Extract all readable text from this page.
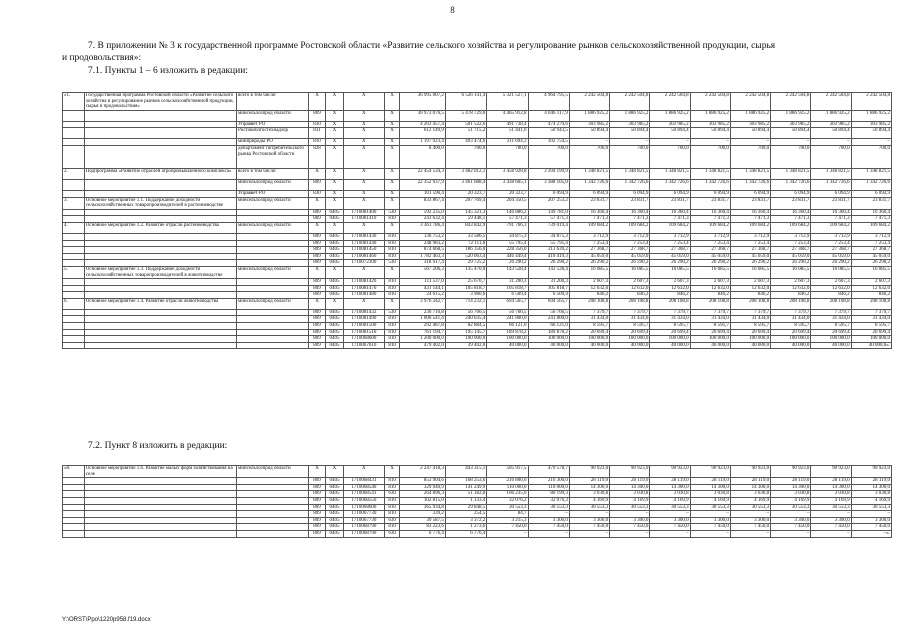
8
7. В приложении № 3 к государственной программе Ростовской области «Развитие сельского хозяйства и регулирование рынков сельскохозяйственной продукции, сырья
и продовольствия»:
7.1. Пункты 1 – 6 изложить в редакции:
«1.	Государственная программа Ростовской области «Развитие сельского хозяйства и регулирование рынков сельскохозяйственной продукции, сырья и продовольствия»	всего в том числе:	X	X	X	X	36 995 007,2	6 526 141,4	5 321 527,1	4 964 795,5	2 242 504,8	2 242 504,8	2 242 504,8	2 242 504,8	2 242 504,8	2 242 504,8	2 242 504,8	2 242 504,8
		минсельхозпрод области	809	X	X	X	30 973 076,5	5 478 729,0	4 465 912,8	4 046 117,9	1 886 925,2	1 886 925,2	1 886 925,2	1 886 925,2	1 886 925,2	1 886 925,2	1 886 925,2	1 886 925,2
		Управвет РО	830	X	X	X	4 203 457,4	501 522,6	491 738,4	474 279,6	303 985,2	303 985,2	303 985,2	303 985,2	303 985,2	303 985,2	303 985,2	303 985,2
		Ростовоблгостехнадзор	831	X	X	X	612 149,9	51 715,2	51 441,6	50 943,5	50 894,4	50 894,4	50 894,4	50 894,4	50 894,4	50 894,4	50 894,4	50 894,4
		минприроды РО	810	X	X	X	1 197 923,4	493 474,6	311 694,3	392 754,5	–	–	–	–	–	–	–	–
		департамент потребительского рынка Ростовской области	828	X	X	X	8 400,0	700,0	700,0	700,0	700,0	700,0	700,0	700,0	700,0	700,0	700,0	700,0
2.	Подпрограмма «Развитие отраслей агропромышленного комплекса»	всего в том числе:	X	X	X	X	22 454 534,3	3 482 012,1	3 458 928,8	3 394 199,9	1 348 821,5	1 348 821,5	1 348 821,5	1 348 821,5	1 348 821,5	1 348 821,5	1 348 821,5	1 348 821,5
		минсельхозпрод области	809	X	X	X	22 352 937,9	3 461 688,4	3 438 605,1	3 388 105,0	1 342 726,6	1 342 726,6	1 342 726,6	1 342 726,6	1 342 726,6	1 342 726,6	1 342 726,6	1 342 726,6
		Управвет РО	830	X	X	X	101 596,4	20 323,7	20 323,7	6 094,9	6 094,9	6 094,9	6 094,9	6 094,9	6 094,9	6 094,9	6 094,9	6 094,9
3.	Основное мероприятие 1.1. Поддержание доходности сельскохозяйственных товаропроизводителей в растениеводстве	минсельхозпрод области	X	X	X	X	833 867,4	207 769,4	204 350,5	207 253,2	23 831,7	23 831,7	23 831,7	23 831,7	23 831,7	23 831,7	23 831,7	23 831,7
			809	0405	1710081400	530	592 235,0	145 321,3	146 886,2	149 781,0	16 360,4	16 360,4	16 360,4	16 360,4	16 360,4	16 360,4	16 360,4	16 360,4
			809	0405	1710081410	810	241 632,4	59 448,1	57 471,3	57 471,3	7 471,3	7 471,3	7 471,3	7 471,3	7 471,3	7 471,3	7 471,3	7 471,3
4.	Основное мероприятие 1.2. Развитие отрасли растениеводства	минсельхозпрод области	X	X	X	X	3 361 786,4	843 842,9	791 766,3	739 019,4	109 684,2	109 684,2	109 684,2	109 684,2	109 684,2	109 684,2	109 684,2	109 684,2
			809	0405	1710081430	810	136 753,2	33 586,5	34 875,3	34 875,3	3 712,9	3 712,9	3 712,9	3 712,9	3 712,9	3 712,9	3 712,9	3 712,9
			809	0405	1710081440	810	248 983,2	72 111,8	55 795,4	55 795,4	7 253,4	7 253,4	7 253,4	7 253,4	7 253,4	7 253,4	7 253,4	7 253,4
			809	0405	1710081450	810	874 668,5	186 356,0	228 356,0	211 639,2	27 368,7	27 368,7	27 368,7	27 368,7	27 368,7	27 368,7	27 368,7	27 368,7
			809	0405	1710081460	810	1 782 463,3	520 063,4	446 449,4	410 419,3	45 059,0	45 059,0	45 059,0	45 059,0	45 059,0	45 059,0	45 059,0	45 059,0
			809	0405	1710072300	530	318 917,4	29 725,2	26 290,2	26 290,2	26 290,2	26 290,2	26 290,2	26 290,2	26 290,2	26 290,2	26 290,2	26 290,2
5.	Основное мероприятие 1.3. Поддержание доходности сельскохозяйственных товаропроизводителей в животноводстве	минсельхозпрод области	X	X	X	X	567 206,3	135 470,0	143 528,4	143 528,4	16 085,5	16 085,5	16 085,5	16 085,5	16 085,5	16 085,5	16 085,5	16 085,5
			809	0405	1710081420	810	111 537,0	25 670,7	31 200,3	31 200,3	2 607,3	2 607,3	2 607,3	2 607,3	2 607,3	2 607,3	2 607,3	2 607,3
			809	0405	1710081470	810	431 144,1	105 818,7	105 818,7	105 818,7	12 632,0	12 632,0	12 632,0	12 632,0	12 632,0	12 632,0	12 632,0	12 632,0
			809	0405	1710081480	810	24 615,2	3 980,6	6 509,4	6 509,4	846,2	846,2	846,2	846,2	846,2	846,2	846,2	846,2
6.	Основное мероприятие 1.4. Развитие отрасли животноводства	минсельхозпрод области	X	X	X	X	3 976 342,7	714 232,1	694 565,7	694 565,7	208 108,8	208 108,8	208 108,8	208 108,8	208 108,8	208 108,8	208 108,8	208 108,8
			809	0405	1710081432	530	236 716,8	56 766,5	56 766,5	56 766,5	7 379,7	7 379,7	7 379,7	7 379,7	7 379,7	7 379,7	7 379,7	7 379,7
			809	0405	1710081490	810	1 006 541,4	240 035,4	241 800,0	241 800,0	31 434,0	31 434,0	31 434,0	31 434,0	31 434,0	31 434,0	31 434,0	31 434,0
			809	0405	1710081500	810	292 487,8	82 884,5	66 121,0	66 121,0	8 595,7	8 595,7	8 595,7	8 595,7	8 595,7	8 595,7	8 595,7	8 595,7
			809	0405	1710081510	810	761 194,7	195 145,7	189 878,2	189 878,2	20 699,4	20 699,4	20 699,4	20 699,4	20 699,4	20 699,4	20 699,4	20 699,4
			809	0405	1710068600	810	1 200 000,0	100 000,0	100 000,0	100 000,0	100 000,0	100 000,0	100 000,0	100 000,0	100 000,0	100 000,0	100 000,0	100 000,0
			809	0405	1710067610	810	479 402,0	39 402,0	40 000,0	40 000,0	40 000,0	40 000,0	40 000,0	40 000,0	40 000,0	40 000,0	40 000,0	40 000,0».
7.2. Пункт 8 изложить в редакции:
«8.	Основное мероприятие 1.6. Развитие малых форм хозяйствования на селе	минсельхозпрод области	X	X	X	X	2 247 418,3	443 315,1	505 917,5	479 578,7	90 923,0	90 923,0	90 923,0	90 923,0	90 923,0	90 923,0	90 923,0	90 923,0
			809	0405	1710068431	810	853 904,6	168 253,6	216 800,0	216 300,0	28 119,0	28 119,0	28 119,0	28 119,0	28 119,0	28 119,0	28 119,0	28 119,0
			809	0405	1710068540	810	329 940,9	141 249,9	110 000,0	110 000,0	14 300,0	14 300,0	14 300,0	14 300,0	14 300,0	14 300,0	14 300,0	14 300,0
			809	0405	1710068541	630	264 896,3	51 182,0	106 235,0	80 199,3	3 030,8	3 030,8	3 030,8	3 030,8	3 030,8	3 030,8	3 030,8	3 030,8
			809	0405	1710068550	810	102 815,0	1 133,4	32 076,2	32 076,3	4 169,9	4 169,9	4 169,9	4 169,9	4 169,9	4 169,9	4 169,9	4 169,9
			809	0405	1710068600	810	365 934,8	29 848,5	30 553,3	30 553,3	30 553,3	30 553,3	30 553,3	30 553,3	30 553,3	30 553,3	30 553,3	30 553,3
			809	0405	1710067730	810	339,2	254,5	84,7	–	–	–	–	–	–	–	–	–
			809	0405	1710067730	630	39 587,5	3 372,2	3 215,3	3 300,0	3 300,0	3 300,0	3 300,0	3 300,0	3 300,0	3 300,0	3 300,0	3 300,0
			809	0405	1710068790	810	83 223,6	1 273,6	7 450,0	7 450,0	7 450,0	7 450,0	7 450,0	7 450,0	7 450,0	7 450,0	7 450,0	7 450,0
			809	0405	1710068790	630	6 776,4	6 776,4	–	–	–	–	–	–	–	–	–	–».
Y:\ORST\Ppo\1220p958.f19.docx
